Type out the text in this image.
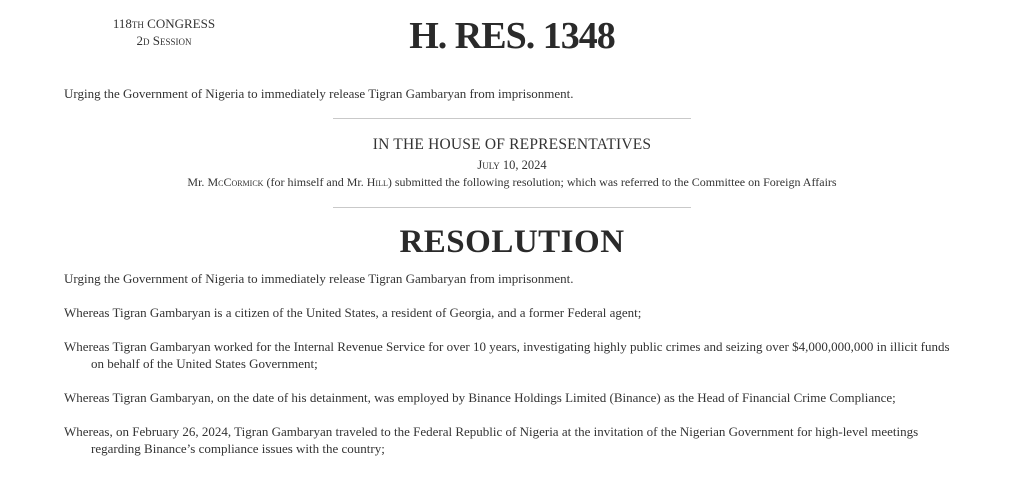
118th CONGRESS
2d Session	H. RES. 1348
Urging the Government of Nigeria to immediately release Tigran Gambaryan from imprisonment.
IN THE HOUSE OF REPRESENTATIVES
July 10, 2024
Mr. McCormick (for himself and Mr. Hill) submitted the following resolution; which was referred to the Committee on Foreign Affairs
RESOLUTION

Urging the Government of Nigeria to immediately release Tigran Gambaryan from imprisonment.

Whereas Tigran Gambaryan is a citizen of the United States, a resident of Georgia, and a former Federal agent;

Whereas Tigran Gambaryan worked for the Internal Revenue Service for over 10 years, investigating highly public crimes and seizing over $4,000,000,000 in illicit funds on behalf of the United States Government;

Whereas Tigran Gambaryan, on the date of his detainment, was employed by Binance Holdings Limited (Binance) as the Head of Financial Crime Compliance;

Whereas, on February 26, 2024, Tigran Gambaryan traveled to the Federal Republic of Nigeria at the invitation of the Nigerian Government for high-level meetings regarding Binance’s compliance issues with the country;
